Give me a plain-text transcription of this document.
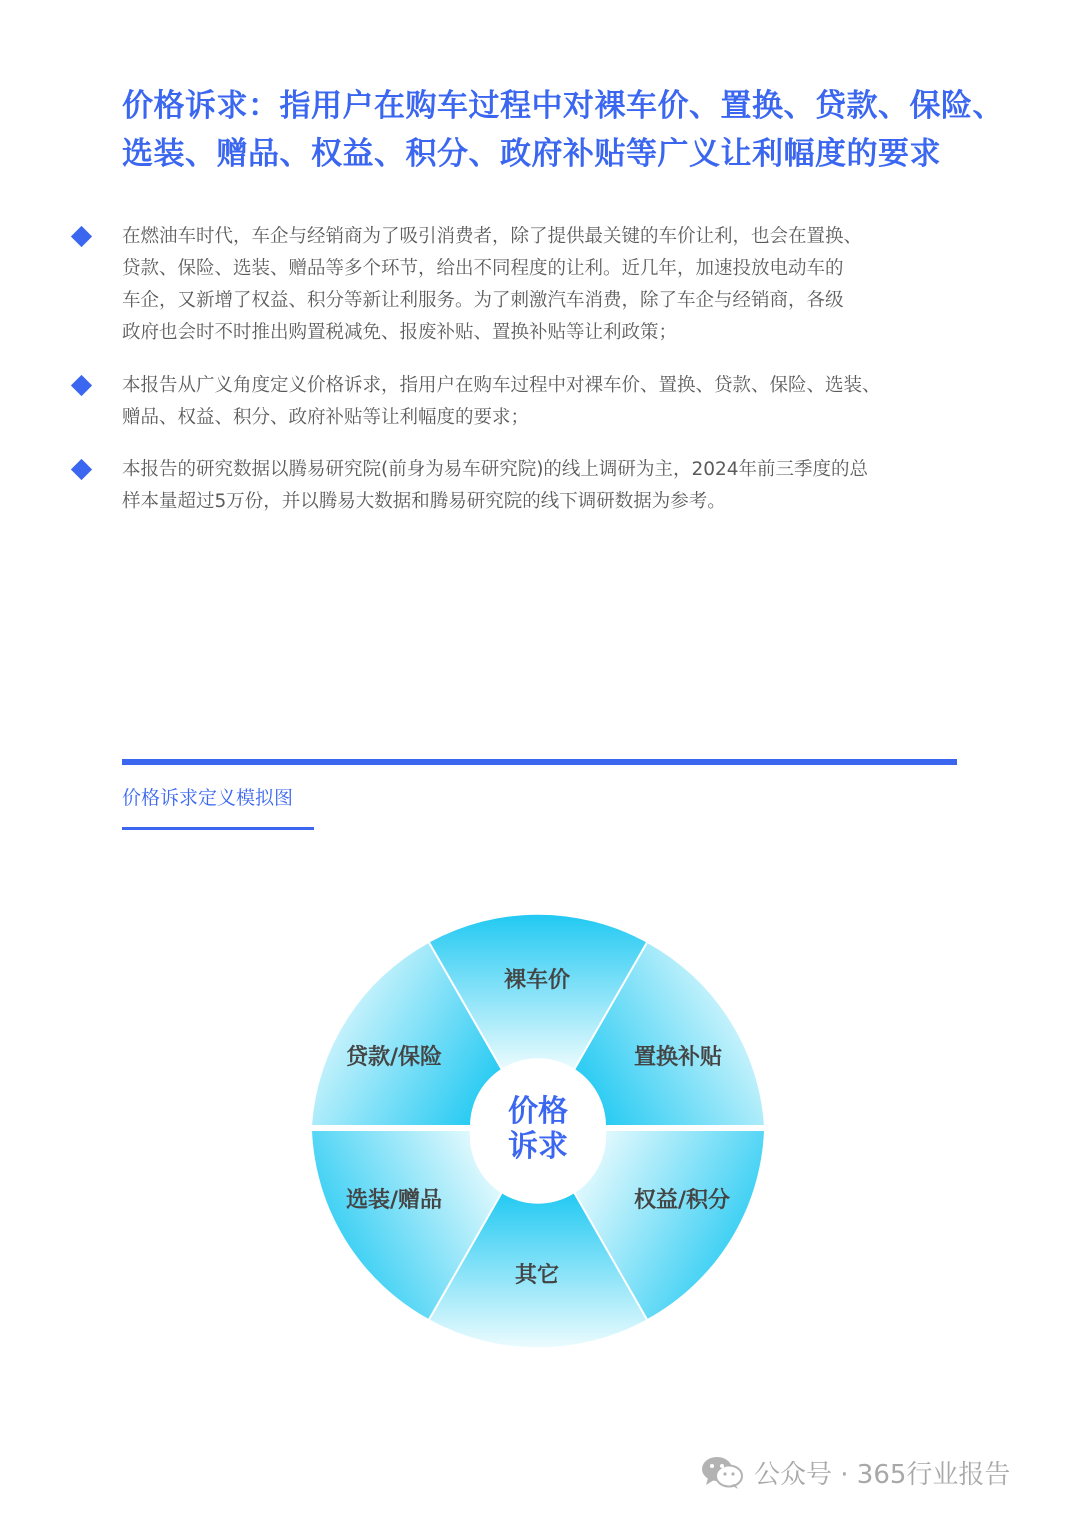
价格诉求：指用户在购车过程中对裸车价、置换、贷款、保险、
选装、赠品、权益、积分、政府补贴等广义让利幅度的要求
在燃油车时代，车企与经销商为了吸引消费者，除了提供最关键的车价让利，也会在置换、
贷款、保险、选装、赠品等多个环节，给出不同程度的让利。近几年，加速投放电动车的
车企，又新增了权益、积分等新让利服务。为了刺激汽车消费，除了车企与经销商，各级
政府也会时不时推出购置税减免、报废补贴、置换补贴等让利政策；
本报告从广义角度定义价格诉求，指用户在购车过程中对裸车价、置换、贷款、保险、选装、
赠品、权益、积分、政府补贴等让利幅度的要求；
本报告的研究数据以腾易研究院(前身为易车研究院)的线上调研为主，2024年前三季度的总
样本量超过5万份，并以腾易大数据和腾易研究院的线下调研数据为参考。
价格诉求定义模拟图
价格
诉求
裸车价
置换补贴
权益/积分
其它
选装/赠品
贷款/保险
公众号 · 365行业报告
